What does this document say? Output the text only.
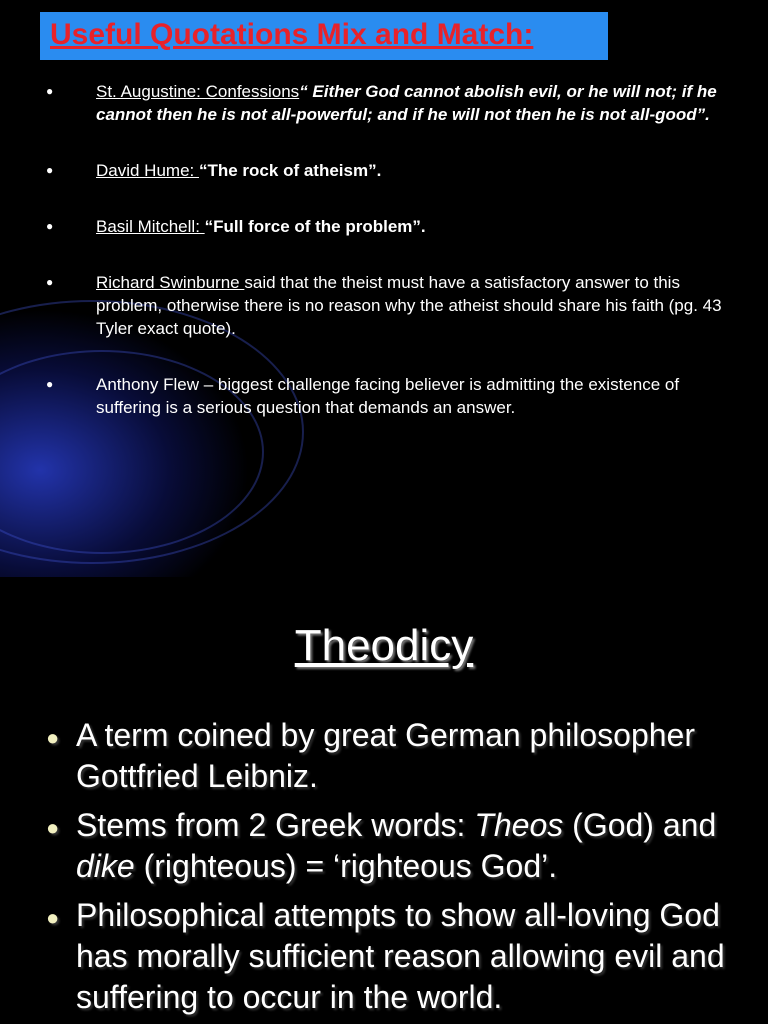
Useful Quotations Mix and Match:
●	St. Augustine: Confessions“ Either God cannot abolish evil, or he will not; if he cannot then he is not all-powerful; and if he will not then he is not all-good”.
●	David Hume: “The rock of atheism”.
●	Basil Mitchell: “Full force of the problem”.
●	Richard Swinburne said that the theist must have a satisfactory answer to this problem, otherwise there is no reason why the atheist should share his faith (pg. 43 Tyler exact quote).
●	Anthony Flew – biggest challenge facing believer is admitting the existence of suffering is a serious question that demands an answer.
Theodicy
● A term coined by great German philosopher Gottfried Leibniz.
● Stems from 2 Greek words: Theos (God) and dike (righteous) = ‘righteous God’.
● Philosophical attempts to show all-loving God has morally sufficient reason allowing evil and suffering to occur in the world.
